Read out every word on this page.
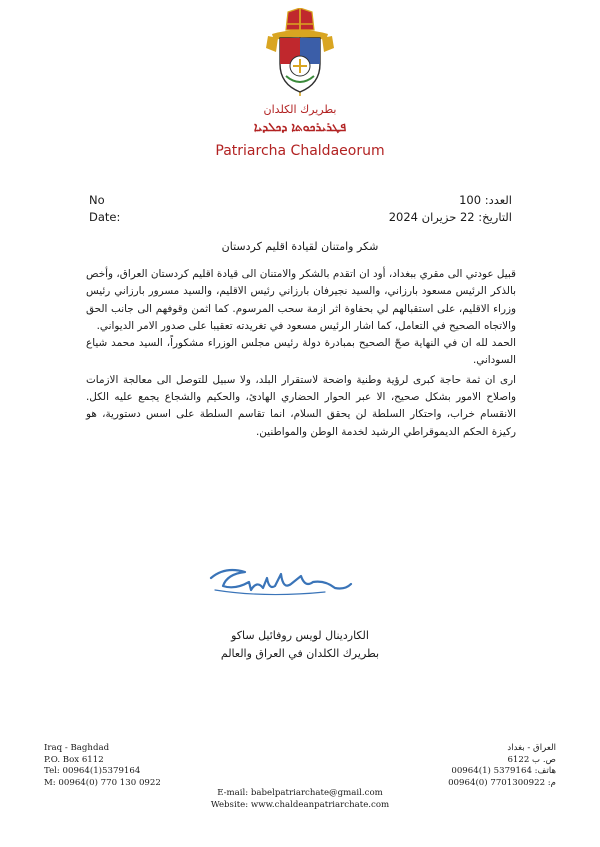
بطريرك الكلدان
ܦܛܪܝܪܟܘܬܐ ܕܟܠܕܝܐ
Patriarcha Chaldaeorum
No
Date:
العدد: 100
التاريخ: 22 حزيران 2024
شكر وامتنان لقيادة اقليم كردستان

قبيل عودتي الى مقري ببغداد، أود ان اتقدم بالشكر والامتنان الى قيادة اقليم كردستان العراق، وأخص بالذكر الرئيس مسعود بارزاني، والسيد نجيرفان بارزاني رئيس الاقليم، والسيد مسرور بارزاني رئيس وزراء الاقليم، على استقبالهم لي بحفاوة اثر ازمة سحب المرسوم. كما اثمن وقوفهم الى جانب الحق والاتجاه الصحيح في التعامل، كما اشار الرئيس مسعود في تغريدته تعقيبا على صدور الامر الديواني.

الحمد لله ان في النهاية صحّ الصحيح بمبادرة دولة رئيس مجلس الوزراء مشكوراً، السيد محمد شياع السوداني.

ارى ان ثمة حاجة كبرى لرؤية وطنية واضحة لاستقرار البلد، ولا سبيل للتوصل الى معالجة الازمات واصلاح الامور بشكل صحيح، الا عبر الحوار الحضاري الهادئ، والحكيم والشجاع يجمع عليه الكل. الانقسام خراب، واحتكار السلطة لن يحقق السلام، انما تقاسم السلطة على اسس دستورية، هو ركيزة الحكم الديموقراطي الرشيد لخدمة الوطن والمواطنين.

الكاردينال لويس روفائيل ساكو
بطريرك الكلدان في العراق والعالم
Iraq - Baghdad
P.O. Box 6112
Tel: 00964(1)5379164
M: 00964(0) 770 130 0922
العراق - بغداد
ص. ب 6122
هاتف: 5379164 (1)00964
م: 7701300922 (0)00964
E-mail: babelpatriarchate@gmail.com
Website: www.chaldeanpatriarchate.com
